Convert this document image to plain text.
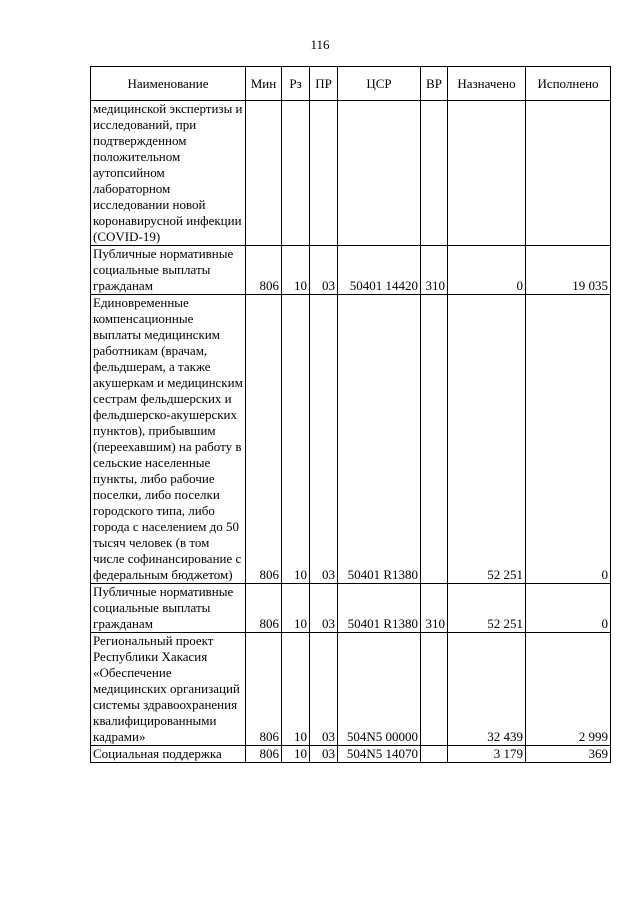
116
Наименование	Мин	Рз	ПР	ЦСР	ВР	Назначено	Исполнено
медицинской экспертизы и исследований, при подтвержденном положительном аутопсийном лабораторном исследовании новой коронавирусной инфекции (COVID-19)							
Публичные нормативные социальные выплаты гражданам	806	10	03	50401 14420	310	0	19 035
Единовременные компенсационные выплаты медицинским работникам (врачам, фельдшерам, а также акушеркам и медицинским сестрам фельдшерских и фельдшерско-акушерских пунктов), прибывшим (переехавшим) на работу в сельские населенные пункты, либо рабочие поселки, либо поселки городского типа, либо города с населением до 50 тысяч человек (в том числе софинансирование с федеральным бюджетом)	806	10	03	50401 R1380		52 251	0
Публичные нормативные социальные выплаты гражданам	806	10	03	50401 R1380	310	52 251	0
Региональный проект Республики Хакасия «Обеспечение медицинских организаций системы здравоохранения квалифицированными кадрами»	806	10	03	504N5 00000		32 439	2 999
Социальная поддержка	806	10	03	504N5 14070		3 179	369
